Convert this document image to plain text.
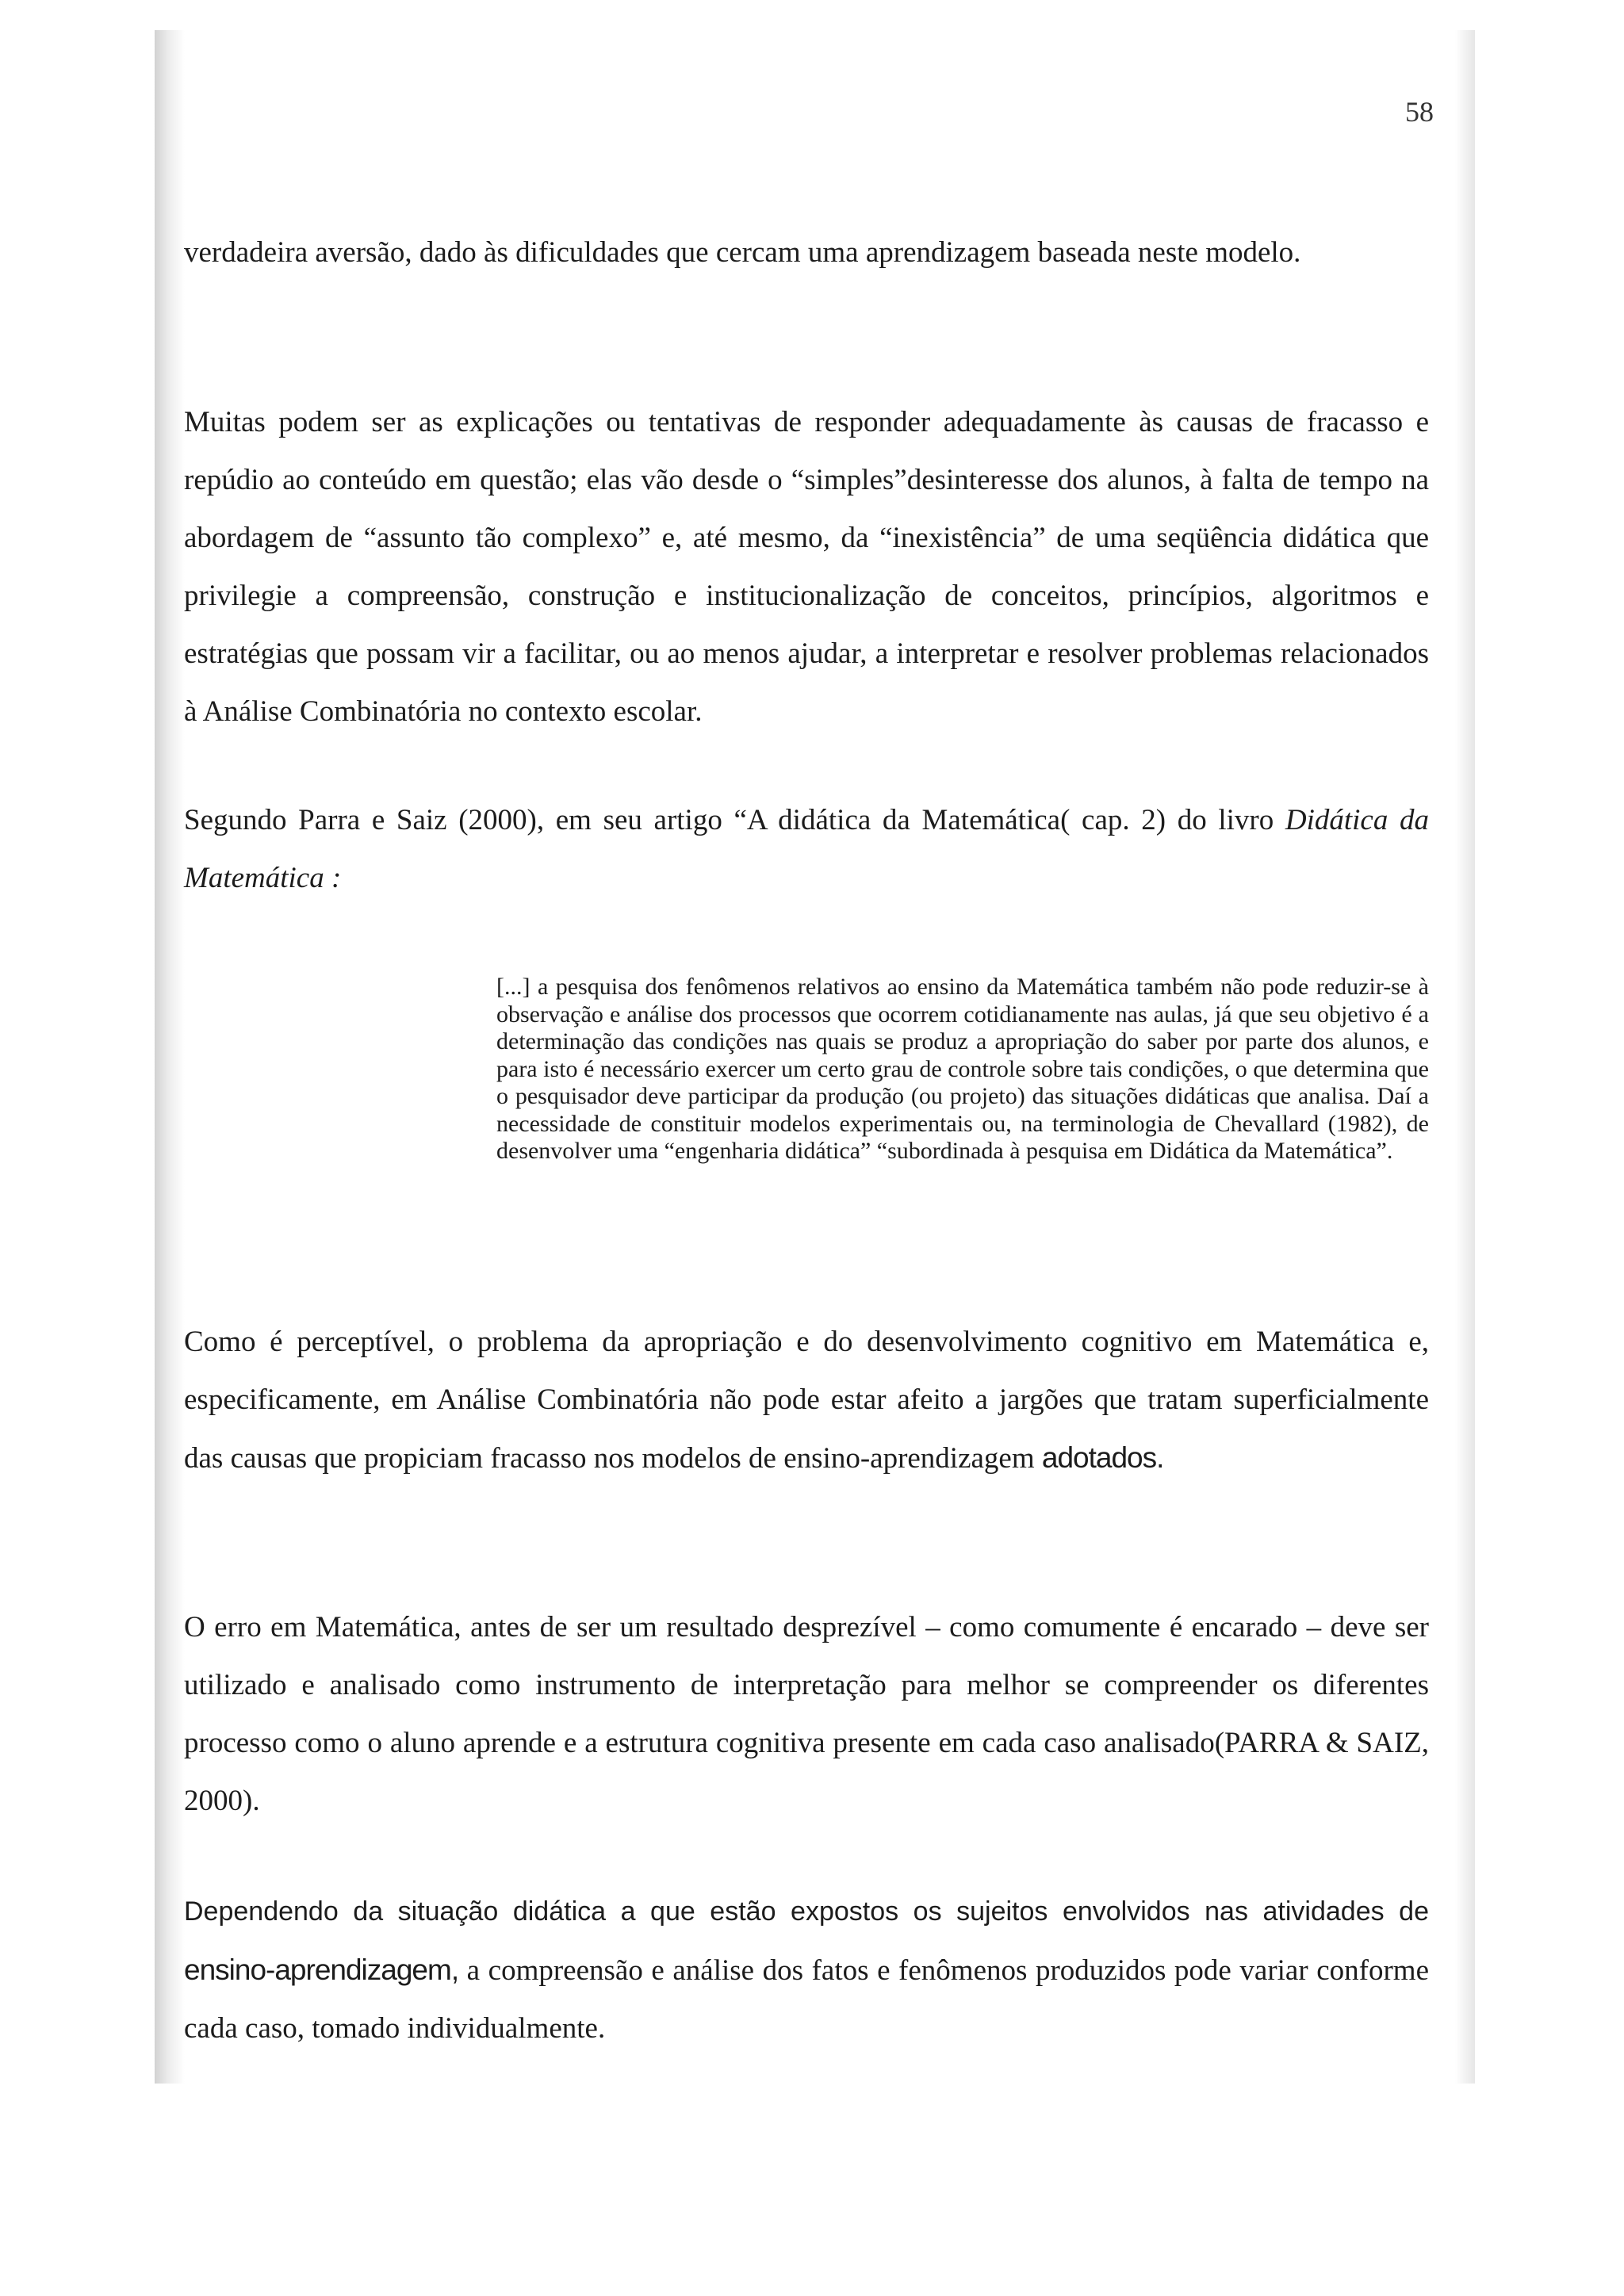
58

verdadeira aversão, dado às dificuldades que cercam uma aprendizagem baseada neste modelo.

Muitas podem ser as explicações ou tentativas de responder adequadamente às causas de fracasso e repúdio ao conteúdo em questão; elas vão desde o “simples”desinteresse dos alunos, à falta de tempo na abordagem de “assunto tão complexo” e, até mesmo, da “inexistência” de uma seqüência didática que privilegie a compreensão, construção e institucionalização de conceitos, princípios, algoritmos e estratégias que possam vir a facilitar, ou ao menos ajudar, a interpretar e resolver problemas relacionados à Análise Combinatória no contexto escolar.

Segundo Parra e Saiz (2000), em seu artigo “A didática da Matemática( cap. 2) do livro Didática da Matemática :

[...] a pesquisa dos fenômenos relativos ao ensino da Matemática também não pode reduzir-se à observação e análise dos processos que ocorrem cotidianamente nas aulas, já que seu objetivo é a determinação das condições nas quais se produz a apropriação do saber por parte dos alunos, e para isto é necessário exercer um certo grau de controle sobre tais condições, o que determina que o pesquisador deve participar da produção (ou projeto) das situações didáticas que analisa. Daí a necessidade de constituir modelos experimentais ou, na terminologia de Chevallard (1982), de desenvolver uma “engenharia didática” “subordinada à pesquisa em Didática da Matemática”.

Como é perceptível, o problema da apropriação e do desenvolvimento cognitivo em Matemática e, especificamente, em Análise Combinatória não pode estar afeito a jargões que tratam superficialmente das causas que propiciam fracasso nos modelos de ensino-aprendizagem adotados.

O erro em Matemática, antes de ser um resultado desprezível – como comumente é encarado – deve ser utilizado e analisado como instrumento de interpretação para melhor se compreender os diferentes processo como o aluno aprende e a estrutura cognitiva presente em cada caso analisado(PARRA & SAIZ, 2000).

Dependendo da situação didática a que estão expostos os sujeitos envolvidos nas atividades de ensino-aprendizagem, a compreensão e análise dos fatos e fenômenos produzidos pode variar conforme cada caso, tomado individualmente.
